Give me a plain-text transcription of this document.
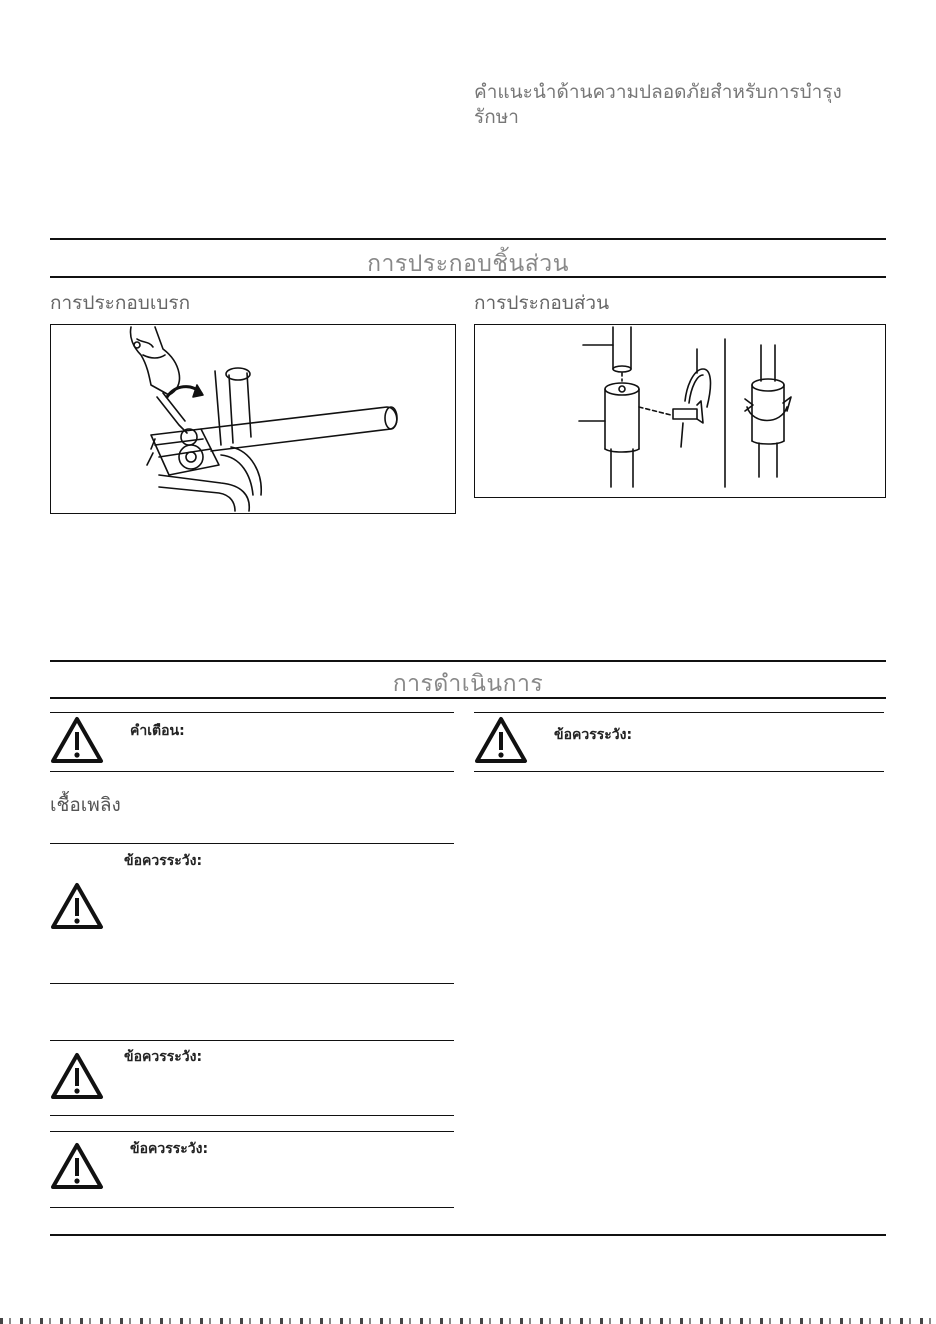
คำแนะนำด้านความปลอดภัยสำหรับการบำรุงรักษา
การประกอบชิ้นส่วน
การประกอบเบรก	การประกอบส่วน
การดำเนินการ
คำเตือน:	ข้อควรระวัง:
เชื้อเพลิง
ข้อควรระวัง:
ข้อควรระวัง:
ข้อควรระวัง:
